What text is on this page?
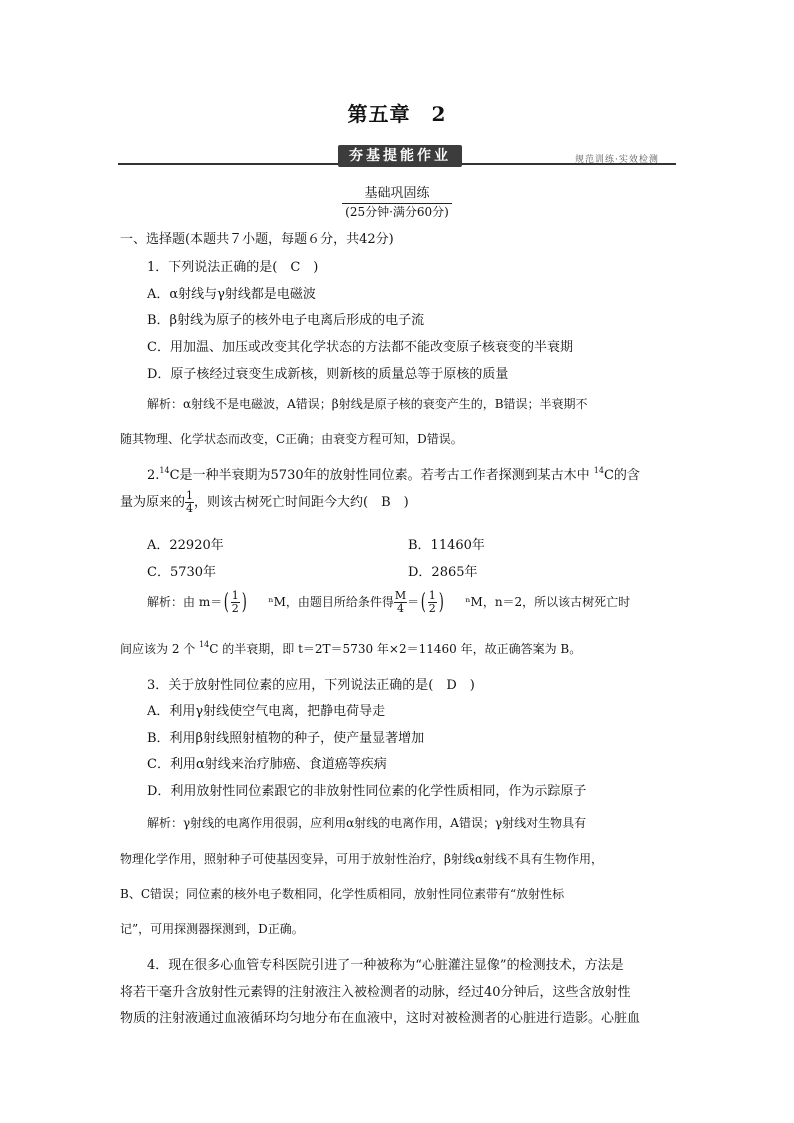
第五章　2
夯基提能作业	规范训练·实效检测
基础巩固练
(25分钟·满分60分)
一、选择题(本题共７小题，每题６分，共42分)
1．下列说法正确的是(　C　)
A．α射线与γ射线都是电磁波
B．β射线为原子的核外电子电离后形成的电子流
C．用加温、加压或改变其化学状态的方法都不能改变原子核衰变的半衰期
D．原子核经过衰变生成新核，则新核的质量总等于原核的质量
解析：α射线不是电磁波，A错误；β射线是原子核的衰变产生的，B错误；半衰期不
随其物理、化学状态而改变，C正确；由衰变方程可知，D错误。
2.14C是一种半衰期为5730年的放射性同位素。若考古工作者探测到某古木中 $^{14}$C的含
量为原来的 $\frac{1}{4}$ ，则该古树死亡时间距今大约(　B　)
A．22920年	B．11460年
C．5730年	D．2865年
解析：由 $m=( \frac{1}{2}$ ) ⁿM，由题目所给条件得 $\frac{M}{4}$ ＝( $\frac{1}{2}$ ) ⁿM，n＝2，所以该古树死亡时
间应该为 2 个 $^{14}$C 的半衰期，即 t＝2T＝5730 年×2＝11460 年，故正确答案为 B。
3．关于放射性同位素的应用，下列说法正确的是(　D　)
A．利用γ射线使空气电离，把静电荷导走
B．利用β射线照射植物的种子，使产量显著增加
C．利用α射线来治疗肺癌、食道癌等疾病
D．利用放射性同位素跟它的非放射性同位素的化学性质相同，作为示踪原子
解析：γ射线的电离作用很弱，应利用α射线的电离作用，A错误；γ射线对生物具有
物理化学作用，照射种子可使基因变异，可用于放射性治疗，β射线α射线不具有生物作用，
B、C错误；同位素的核外电子数相同，化学性质相同，放射性同位素带有“放射性标
记”，可用探测器探测到，D正确。
4．现在很多心血管专科医院引进了一种被称为“心脏灌注显像”的检测技术，方法是
将若干毫升含放射性元素锝的注射液注入被检测者的动脉，经过40分钟后，这些含放射性
物质的注射液通过血液循环均匀地分布在血液中，这时对被检测者的心脏进行造影。心脏血
